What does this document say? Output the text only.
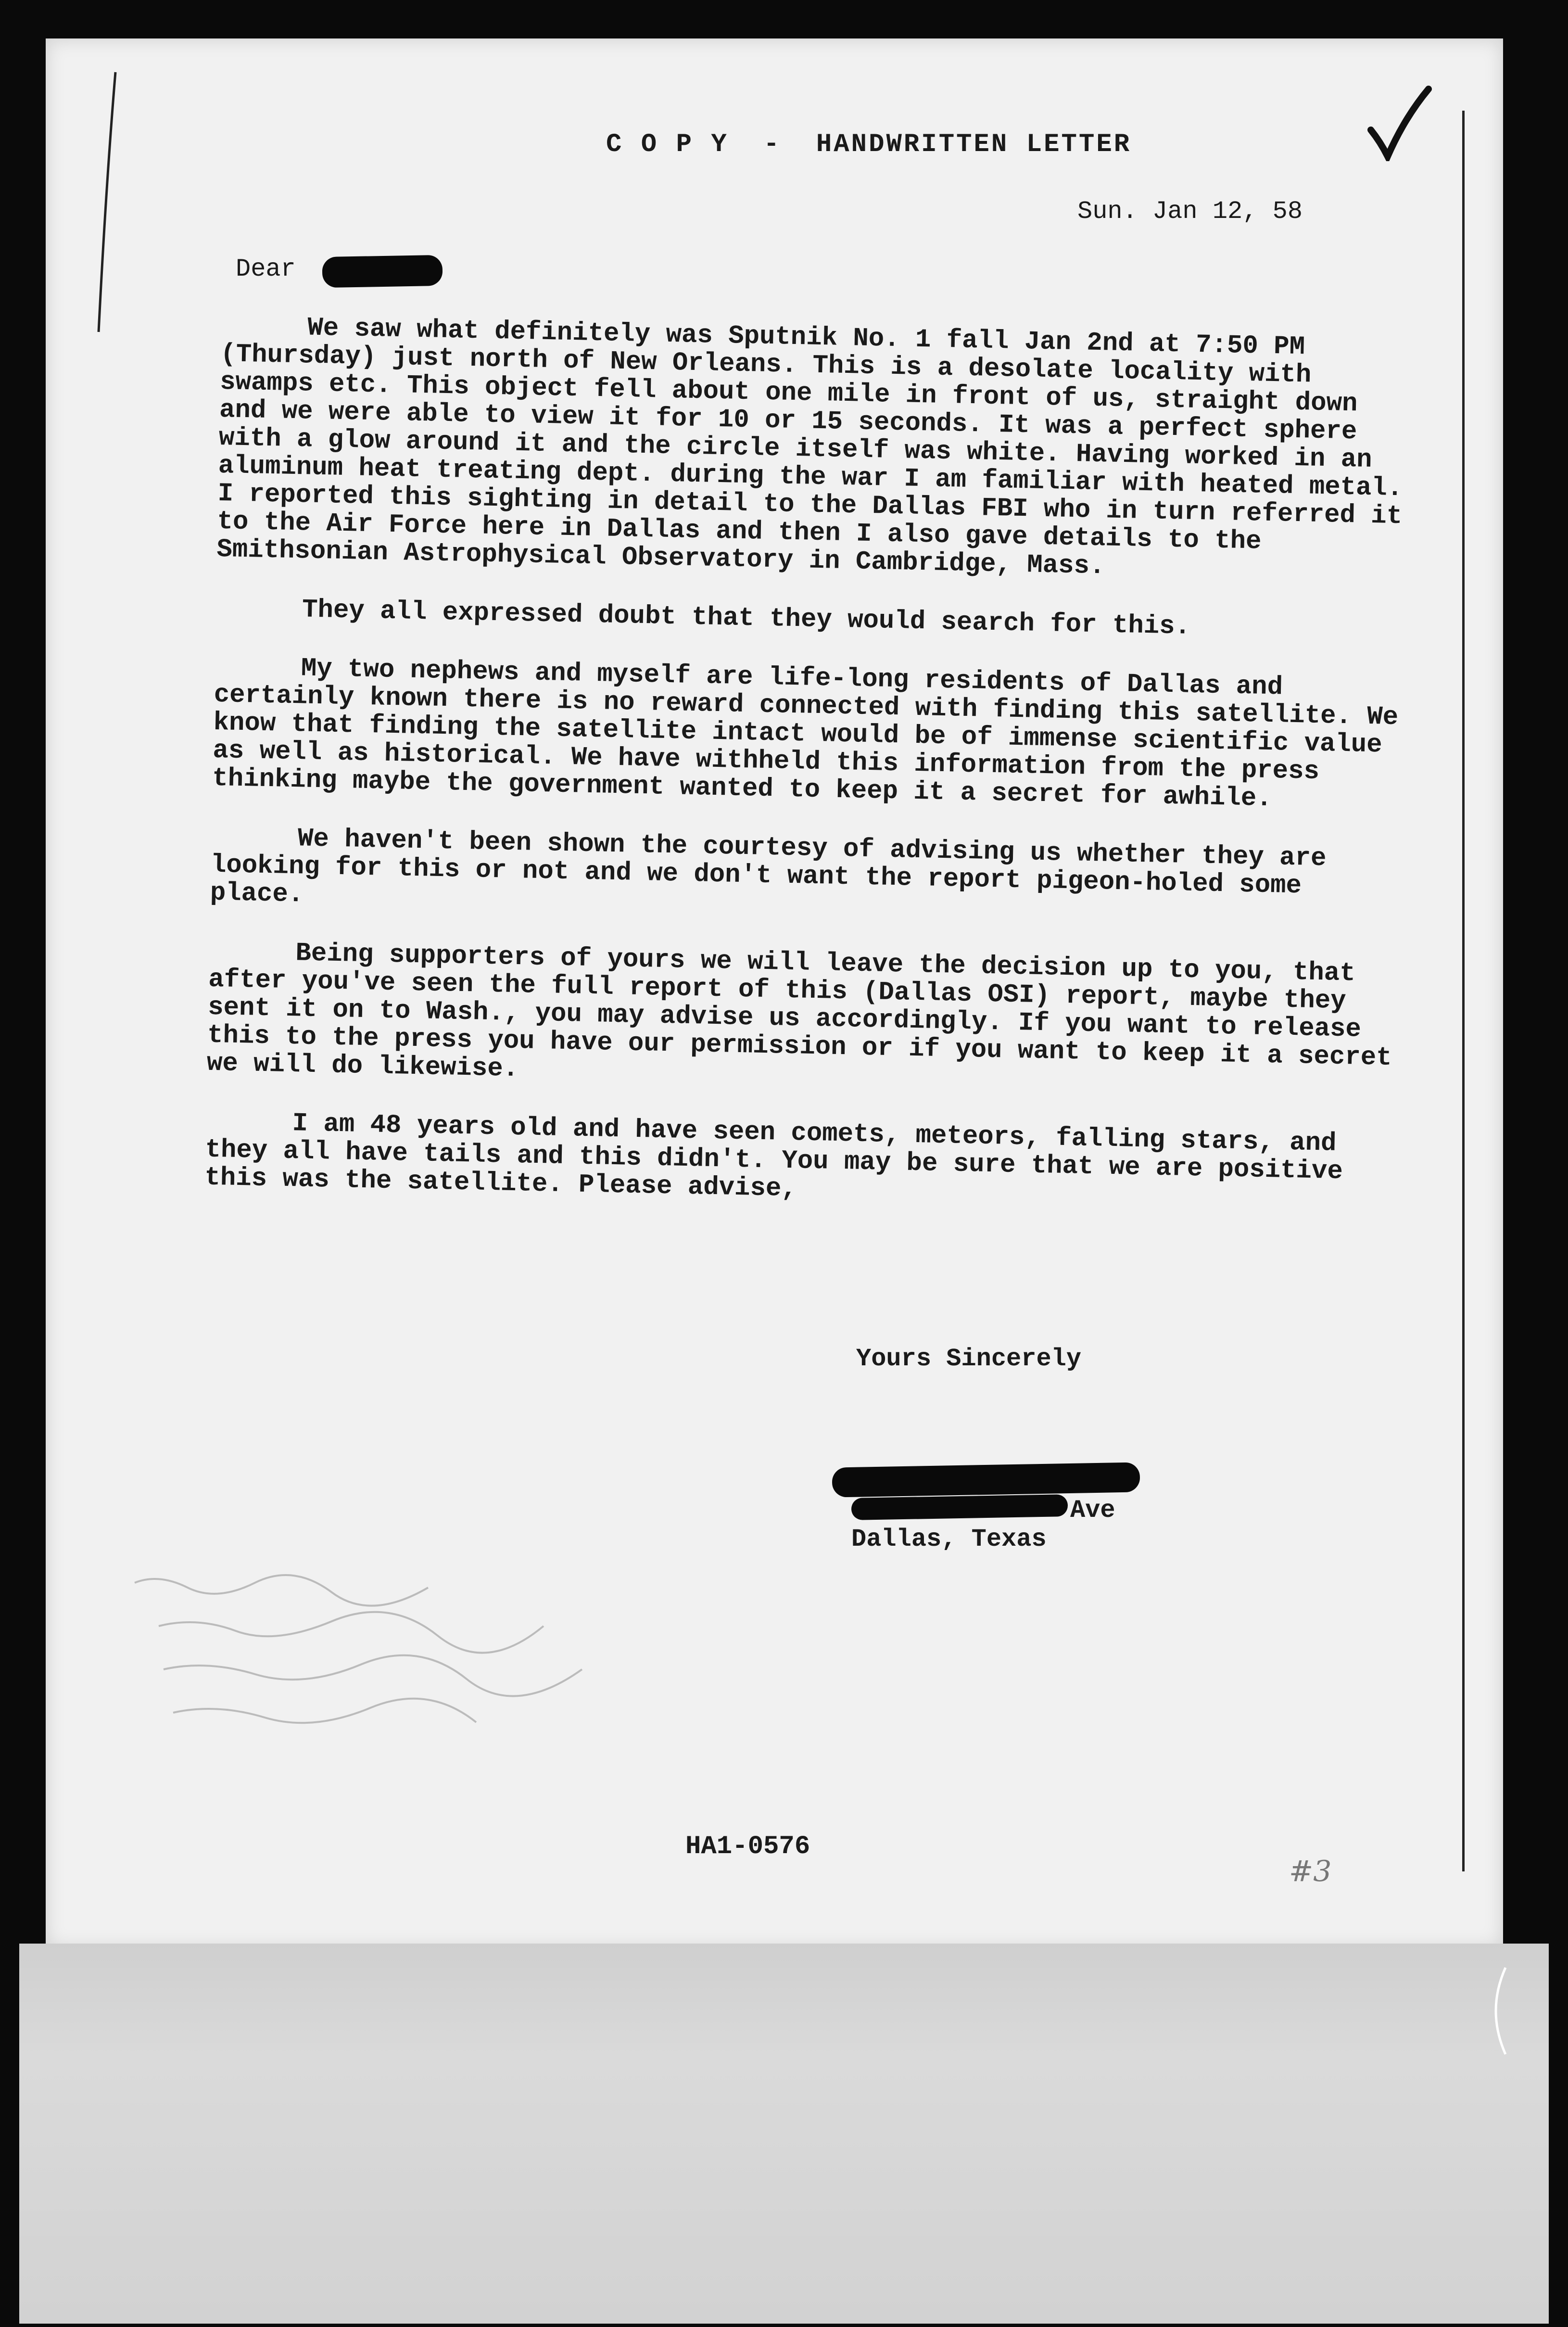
C O P Y  -  HANDWRITTEN LETTER
Sun. Jan 12, 58
Dear

We saw what definitely was Sputnik No. 1 fall Jan 2nd at 7:50 PM (Thursday) just north of New Orleans. This is a desolate locality with swamps etc. This object fell about one mile in front of us, straight down and we were able to view it for 10 or 15 seconds. It was a perfect sphere with a glow around it and the circle itself was white. Having worked in an aluminum heat treating dept. during the war I am familiar with heated metal. I reported this sighting in detail to the Dallas FBI who in turn referred it to the Air Force here in Dallas and then I also gave details to the Smithsonian Astrophysical Observatory in Cambridge, Mass.

They all expressed doubt that they would search for this.

My two nephews and myself are life-long residents of Dallas and certainly known there is no reward connected with finding this satellite. We know that finding the satellite intact would be of immense scientific value as well as historical. We have withheld this information from the press thinking maybe the government wanted to keep it a secret for awhile.

We haven't been shown the courtesy of advising us whether they are looking for this or not and we don't want the report pigeon-holed some place.

Being supporters of yours we will leave the decision up to you, that after you've seen the full report of this (Dallas OSI) report, maybe they sent it on to Wash., you may advise us accordingly. If you want to release this to the press you have our permission or if you want to keep it a secret we will do likewise.

I am 48 years old and have seen comets, meteors, falling stars, and they all have tails and this didn't. You may be sure that we are positive this was the satellite. Please advise,

Yours Sincerely
Ave
Dallas, Texas
HA1-0576
#3
